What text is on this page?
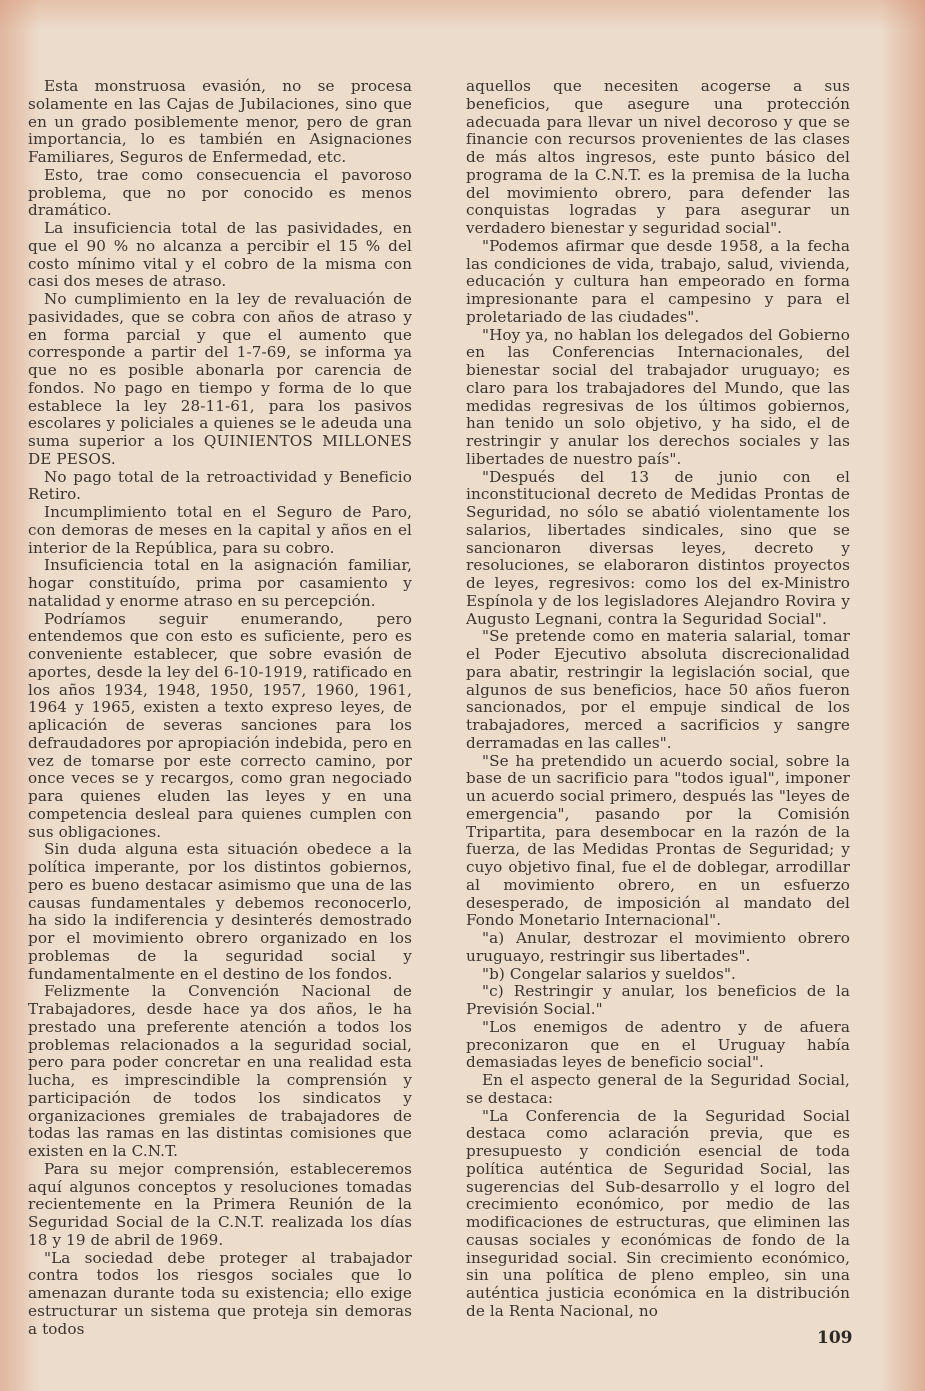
Esta monstruosa evasión, no se procesa solamente en las Cajas de Jubilaciones, sino que en un grado posiblemente menor, pero de gran importancia, lo es también en Asignaciones Familiares, Seguros de Enfermedad, etc.

Esto, trae como consecuencia el pavoroso problema, que no por conocido es menos dramático.

La insuficiencia total de las pasividades, en que el 90 % no alcanza a percibir el 15 % del costo mínimo vital y el cobro de la misma con casi dos meses de atraso.

No cumplimiento en la ley de revaluación de pasividades, que se cobra con años de atraso y en forma parcial y que el aumento que corresponde a partir del 1-7-69, se informa ya que no es posible abonarla por carencia de fondos. No pago en tiempo y forma de lo que establece la ley 28-11-61, para los pasivos escolares y policiales a quienes se le adeuda una suma superior a los QUINIENTOS MILLONES DE PESOS.

No pago total de la retroactividad y Beneficio Retiro.

Incumplimiento total en el Seguro de Paro, con demoras de meses en la capital y años en el interior de la República, para su cobro.

Insuficiencia total en la asignación familiar, hogar constituído, prima por casamiento y natalidad y enorme atraso en su percepción.

Podríamos seguir enumerando, pero entendemos que con esto es suficiente, pero es conveniente establecer, que sobre evasión de aportes, desde la ley del 6-10-1919, ratificado en los años 1934, 1948, 1950, 1957, 1960, 1961, 1964 y 1965, existen a texto expreso leyes, de aplicación de severas sanciones para los defraudadores por apropiación indebida, pero en vez de tomarse por este correcto camino, por once veces se y recargos, como gran negociado para quienes eluden las leyes y en una competencia desleal para quienes cumplen con sus obligaciones.

Sin duda alguna esta situación obedece a la política imperante, por los distintos gobiernos, pero es bueno destacar asimismo que una de las causas fundamentales y debemos reconocerlo, ha sido la indiferencia y desinterés demostrado por el movimiento obrero organizado en los problemas de la seguridad social y fundamentalmente en el destino de los fondos.

Felizmente la Convención Nacional de Trabajadores, desde hace ya dos años, le ha prestado una preferente atención a todos los problemas relacionados a la seguridad social, pero para poder concretar en una realidad esta lucha, es imprescindible la comprensión y participación de todos los sindicatos y organizaciones gremiales de trabajadores de todas las ramas en las distintas comisiones que existen en la C.N.T.

Para su mejor comprensión, estableceremos aquí algunos conceptos y resoluciones tomadas recientemente en la Primera Reunión de la Seguridad Social de la C.N.T. realizada los días 18 y 19 de abril de 1969.

"La sociedad debe proteger al trabajador contra todos los riesgos sociales que lo amenazan durante toda su existencia; ello exige estructurar un sistema que proteja sin demoras a todos

aquellos que necesiten acogerse a sus beneficios, que asegure una protección adecuada para llevar un nivel decoroso y que se financie con recursos provenientes de las clases de más altos ingresos, este punto básico del programa de la C.N.T. es la premisa de la lucha del movimiento obrero, para defender las conquistas logradas y para asegurar un verdadero bienestar y seguridad social".

"Podemos afirmar que desde 1958, a la fecha las condiciones de vida, trabajo, salud, vivienda, educación y cultura han empeorado en forma impresionante para el campesino y para el proletariado de las ciudades".

"Hoy ya, no hablan los delegados del Gobierno en las Conferencias Internacionales, del bienestar social del trabajador uruguayo; es claro para los trabajadores del Mundo, que las medidas regresivas de los últimos gobiernos, han tenido un solo objetivo, y ha sido, el de restringir y anular los derechos sociales y las libertades de nuestro país".

"Después del 13 de junio con el inconstitucional decreto de Medidas Prontas de Seguridad, no sólo se abatió violentamente los salarios, libertades sindicales, sino que se sancionaron diversas leyes, decreto y resoluciones, se elaboraron distintos proyectos de leyes, regresivos: como los del ex-Ministro Espínola y de los legisladores Alejandro Rovira y Augusto Legnani, contra la Seguridad Social".

"Se pretende como en materia salarial, tomar el Poder Ejecutivo absoluta discrecionalidad para abatir, restringir la legislación social, que algunos de sus beneficios, hace 50 años fueron sancionados, por el empuje sindical de los trabajadores, merced a sacrificios y sangre derramadas en las calles".

"Se ha pretendido un acuerdo social, sobre la base de un sacrificio para "todos igual", imponer un acuerdo social primero, después las "leyes de emergencia", pasando por la Comisión Tripartita, para desembocar en la razón de la fuerza, de las Medidas Prontas de Seguridad; y cuyo objetivo final, fue el de doblegar, arrodillar al movimiento obrero, en un esfuerzo desesperado, de imposición al mandato del Fondo Monetario Internacional".

"a) Anular, destrozar el movimiento obrero uruguayo, restringir sus libertades".

"b) Congelar salarios y sueldos".

"c) Restringir y anular, los beneficios de la Previsión Social."

"Los enemigos de adentro y de afuera preconizaron que en el Uruguay había demasiadas leyes de beneficio social".

En el aspecto general de la Seguridad Social, se destaca:

"La Conferencia de la Seguridad Social destaca como aclaración previa, que es presupuesto y condición esencial de toda política auténtica de Seguridad Social, las sugerencias del Sub-desarrollo y el logro del crecimiento económico, por medio de las modificaciones de estructuras, que eliminen las causas sociales y económicas de fondo de la inseguridad social. Sin crecimiento económico, sin una política de pleno empleo, sin una auténtica justicia económica en la distribución de la Renta Nacional, no

109
